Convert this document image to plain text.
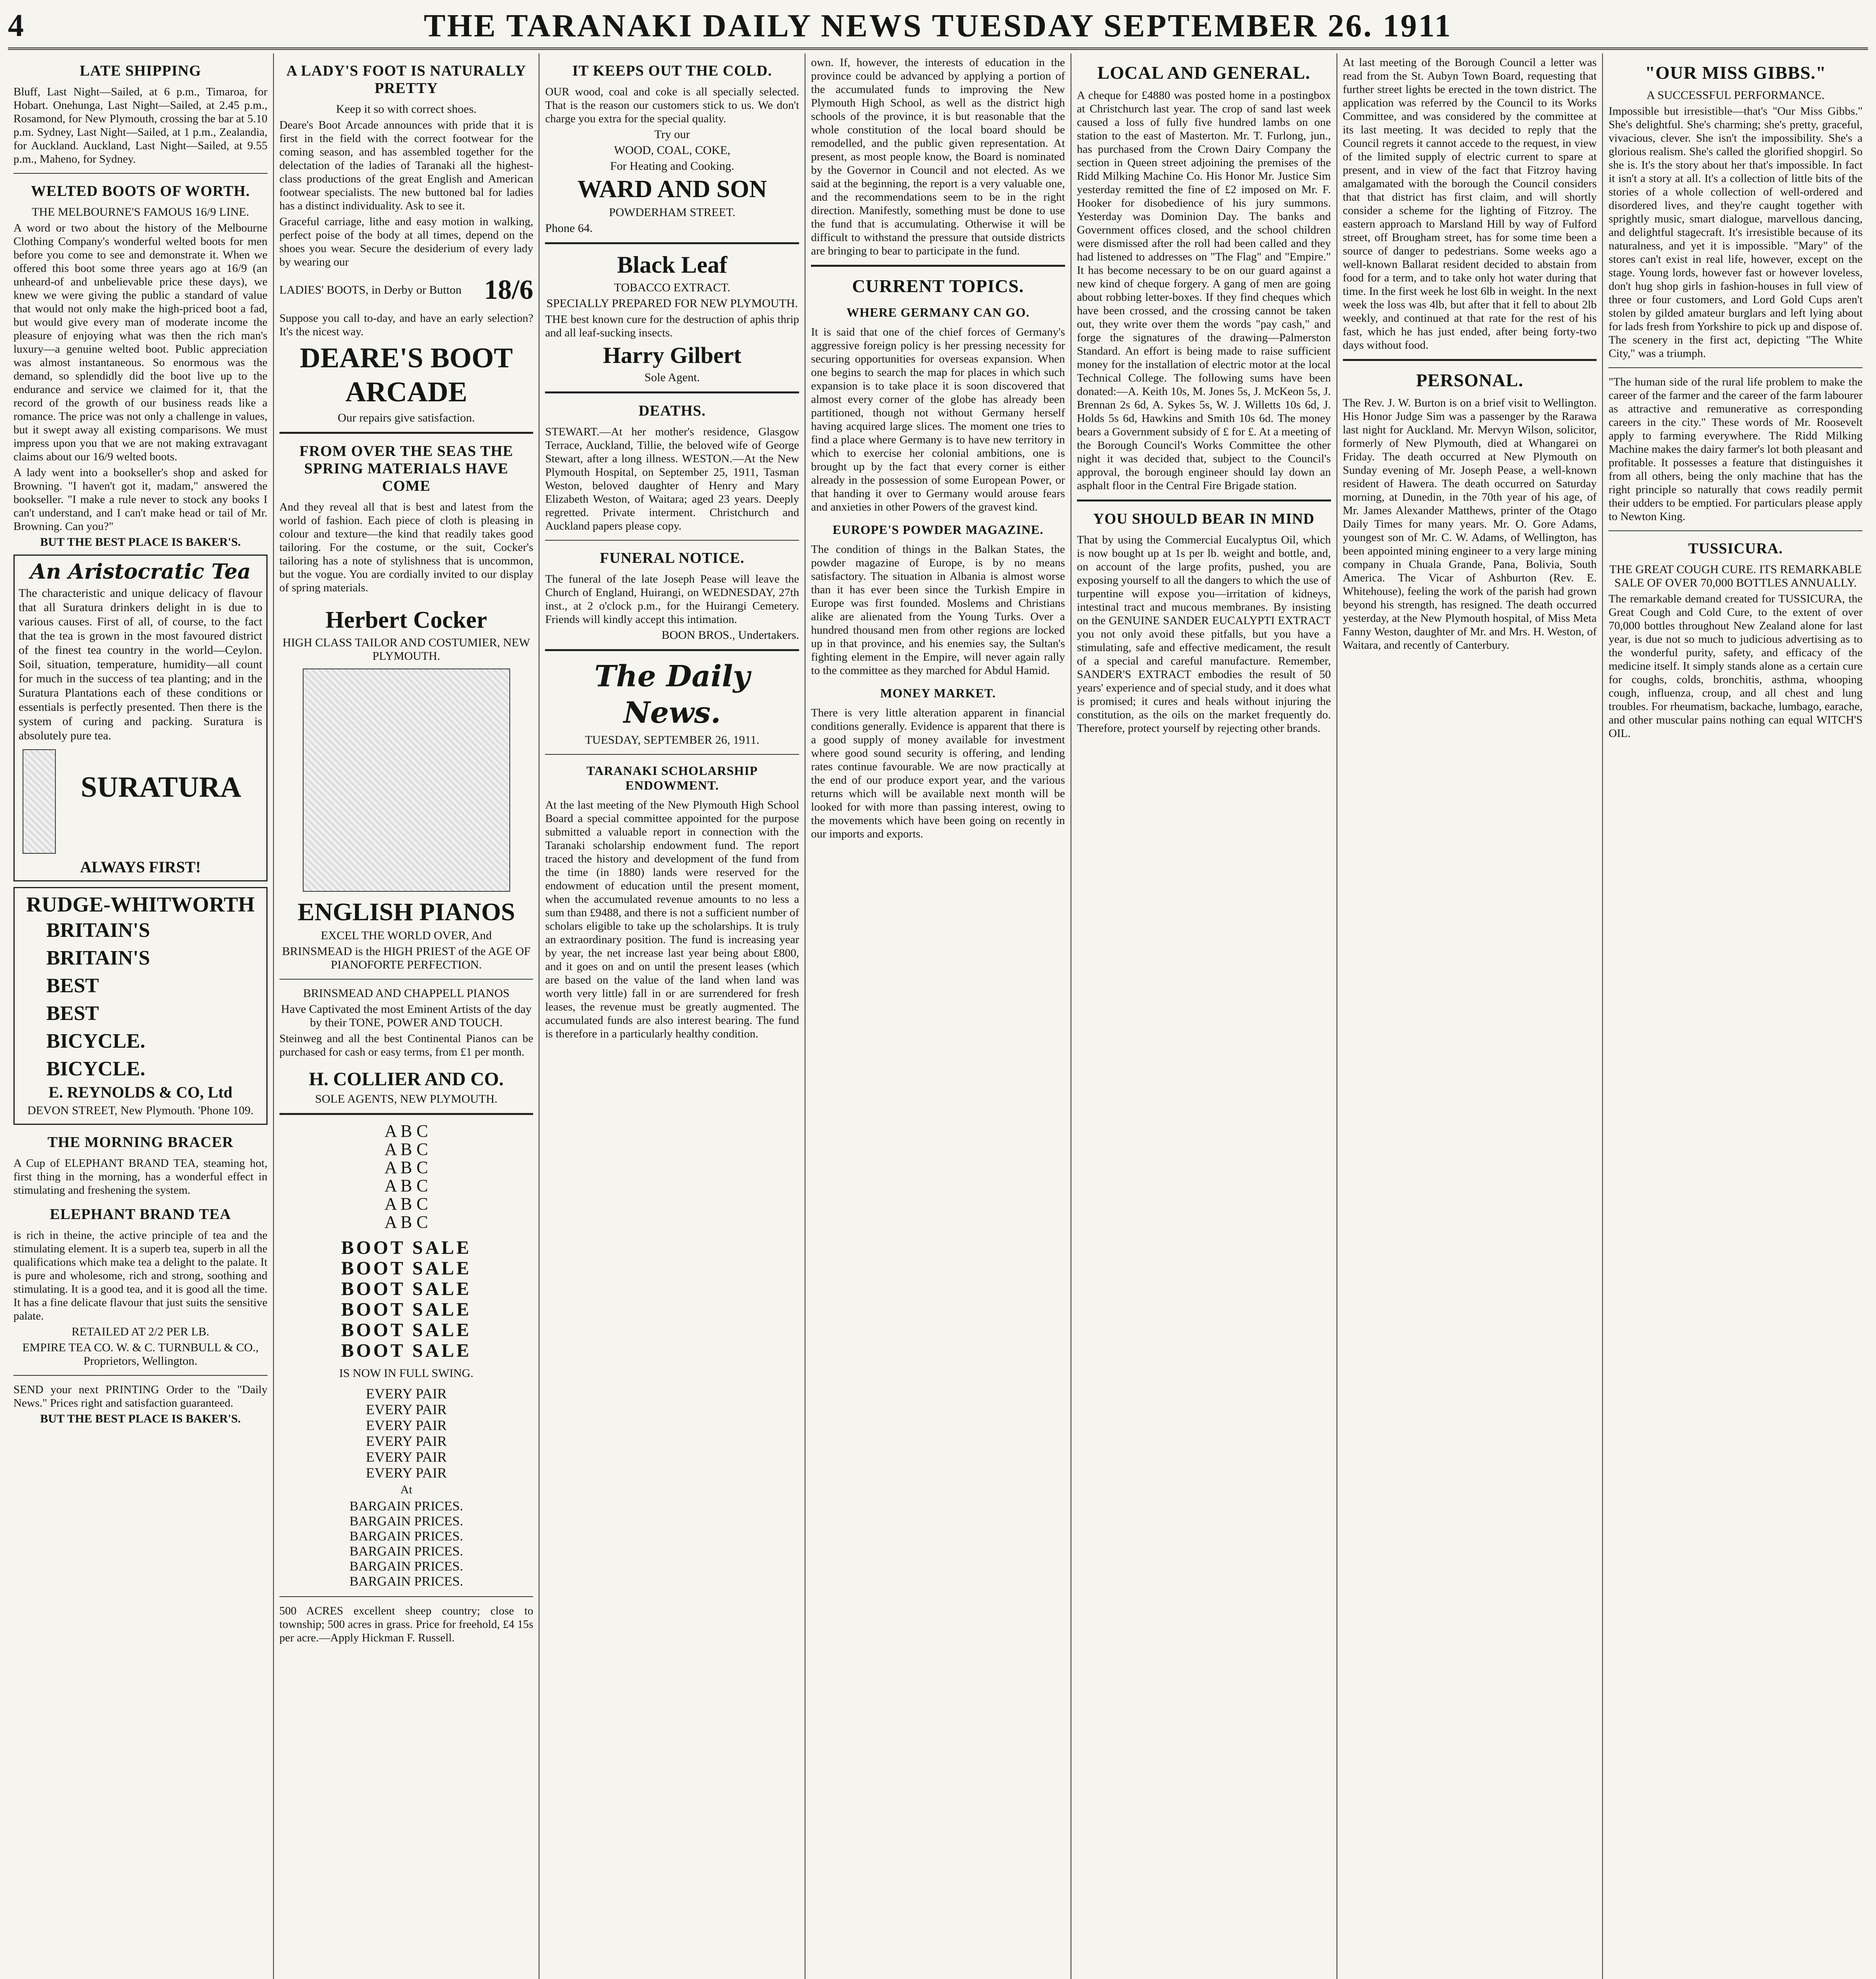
4	THE TARANAKI DAILY NEWS TUESDAY SEPTEMBER 26. 1911
LATE SHIPPING
Bluff, Last Night—Sailed, at 6 p.m., Timaroa, for Hobart. Onehunga, Last Night—Sailed, at 2.45 p.m., Rosamond, for New Plymouth, crossing the bar at 5.10 p.m. Sydney, Last Night—Sailed, at 1 p.m., Zealandia, for Auckland. Auckland, Last Night—Sailed, at 9.55 p.m., Maheno, for Sydney.
WELTED BOOTS OF WORTH.
THE MELBOURNE'S FAMOUS 16/9 LINE.
A word or two about the history of the Melbourne Clothing Company's wonderful welted boots for men before you come to see and demonstrate it. When we offered this boot some three years ago at 16/9 (an unheard-of and unbelievable price these days), we knew we were giving the public a standard of value that would not only make the high-priced boot a fad, but would give every man of moderate income the pleasure of enjoying what was then the rich man's luxury—a genuine welted boot. Public appreciation was almost instantaneous. So enormous was the demand, so splendidly did the boot live up to the endurance and service we claimed for it, that the record of the growth of our business reads like a romance. The price was not only a challenge in values, but it swept away all existing comparisons. We must impress upon you that we are not making extravagant claims about our 16/9 welted boots.
A lady went into a bookseller's shop and asked for Browning. "I haven't got it, madam," answered the bookseller. "I make a rule never to stock any books I can't understand, and I can't make head or tail of Mr. Browning. Can you?"
BUT THE BEST PLACE IS BAKER'S.
An Aristocratic Tea
The characteristic and unique delicacy of flavour that all Suratura drinkers delight in is due to various causes. First of all, of course, to the fact that the tea is grown in the most favoured district of the finest tea country in the world—Ceylon. Soil, situation, temperature, humidity—all count for much in the success of tea planting; and in the Suratura Plantations each of these conditions or essentials is perfectly presented. Then there is the system of curing and packing. Suratura is absolutely pure tea.
SURATURA
ALWAYS FIRST!
RUDGE-WHITWORTH
BRITAIN'S
BRITAIN'S
BEST
BEST
BICYCLE.
BICYCLE.
E. REYNOLDS & CO, Ltd
DEVON STREET, New Plymouth. 'Phone 109.
THE MORNING BRACER
A Cup of ELEPHANT BRAND TEA, steaming hot, first thing in the morning, has a wonderful effect in stimulating and freshening the system.
ELEPHANT BRAND TEA
is rich in theine, the active principle of tea and the stimulating element. It is a superb tea, superb in all the qualifications which make tea a delight to the palate. It is pure and wholesome, rich and strong, soothing and stimulating. It is a good tea, and it is good all the time. It has a fine delicate flavour that just suits the sensitive palate.
RETAILED AT 2/2 PER LB.
EMPIRE TEA CO. W. & C. TURNBULL & CO., Proprietors, Wellington.
SEND your next PRINTING Order to the "Daily News." Prices right and satisfaction guaranteed.
BUT THE BEST PLACE IS BAKER'S.
A LADY'S FOOT IS NATURALLY PRETTY
Keep it so with correct shoes.
Deare's Boot Arcade announces with pride that it is first in the field with the correct footwear for the coming season, and has assembled together for the delectation of the ladies of Taranaki all the highest-class productions of the great English and American footwear specialists. The new buttoned bal for ladies has a distinct individuality. Ask to see it.
Graceful carriage, lithe and easy motion in walking, perfect poise of the body at all times, depend on the shoes you wear. Secure the desiderium of every lady by wearing our
LADIES' BOOTS, in Derby or Button 18/6
Suppose you call to-day, and have an early selection? It's the nicest way.
DEARE'S BOOT ARCADE
Our repairs give satisfaction.
FROM OVER THE SEAS THE SPRING MATERIALS HAVE COME
And they reveal all that is best and latest from the world of fashion. Each piece of cloth is pleasing in colour and texture—the kind that readily takes good tailoring. For the costume, or the suit, Cocker's tailoring has a note of stylishness that is uncommon, but the vogue. You are cordially invited to our display of spring materials.
Herbert Cocker
HIGH CLASS TAILOR AND COSTUMIER, NEW PLYMOUTH.
ENGLISH PIANOS
EXCEL THE WORLD OVER, And
BRINSMEAD is the HIGH PRIEST of the AGE OF PIANOFORTE PERFECTION.
BRINSMEAD AND CHAPPELL PIANOS
Have Captivated the most Eminent Artists of the day by their TONE, POWER AND TOUCH.
Steinweg and all the best Continental Pianos can be purchased for cash or easy terms, from £1 per month.
H. COLLIER AND CO.
SOLE AGENTS, NEW PLYMOUTH.
A B C
A B C
A B C
A B C
A B C
A B C
BOOT SALE
BOOT SALE
BOOT SALE
BOOT SALE
BOOT SALE
BOOT SALE
IS NOW IN FULL SWING.
EVERY PAIR
EVERY PAIR
EVERY PAIR
EVERY PAIR
EVERY PAIR
EVERY PAIR
At
BARGAIN PRICES.
BARGAIN PRICES.
BARGAIN PRICES.
BARGAIN PRICES.
BARGAIN PRICES.
BARGAIN PRICES.
500 ACRES excellent sheep country; close to township; 500 acres in grass. Price for freehold, £4 15s per acre.—Apply Hickman F. Russell.
IT KEEPS OUT THE COLD.
OUR wood, coal and coke is all specially selected. That is the reason our customers stick to us. We don't charge you extra for the special quality.
Try our
WOOD, COAL, COKE,
For Heating and Cooking.
WARD AND SON
POWDERHAM STREET.
Phone 64.
Black Leaf
TOBACCO EXTRACT.
SPECIALLY PREPARED FOR NEW PLYMOUTH.
THE best known cure for the destruction of aphis thrip and all leaf-sucking insects.
Harry Gilbert
Sole Agent.
DEATHS.
STEWART.—At her mother's residence, Glasgow Terrace, Auckland, Tillie, the beloved wife of George Stewart, after a long illness. WESTON.—At the New Plymouth Hospital, on September 25, 1911, Tasman Weston, beloved daughter of Henry and Mary Elizabeth Weston, of Waitara; aged 23 years. Deeply regretted. Private interment. Christchurch and Auckland papers please copy.
FUNERAL NOTICE.
The funeral of the late Joseph Pease will leave the Church of England, Huirangi, on WEDNESDAY, 27th inst., at 2 o'clock p.m., for the Huirangi Cemetery. Friends will kindly accept this intimation.
BOON BROS., Undertakers.
The Daily News.
TUESDAY, SEPTEMBER 26, 1911.
TARANAKI SCHOLARSHIP ENDOWMENT.
At the last meeting of the New Plymouth High School Board a special committee appointed for the purpose submitted a valuable report in connection with the Taranaki scholarship endowment fund. The report traced the history and development of the fund from the time (in 1880) lands were reserved for the endowment of education until the present moment, when the accumulated revenue amounts to no less a sum than £9488, and there is not a sufficient number of scholars eligible to take up the scholarships. It is truly an extraordinary position. The fund is increasing year by year, the net increase last year being about £800, and it goes on and on until the present leases (which are based on the value of the land when land was worth very little) fall in or are surrendered for fresh leases, the revenue must be greatly augmented. The accumulated funds are also interest bearing. The fund is therefore in a particularly healthy condition.
own. If, however, the interests of education in the province could be advanced by applying a portion of the accumulated funds to improving the New Plymouth High School, as well as the district high schools of the province, it is but reasonable that the whole constitution of the local board should be remodelled, and the public given representation. At present, as most people know, the Board is nominated by the Governor in Council and not elected. As we said at the beginning, the report is a very valuable one, and the recommendations seem to be in the right direction. Manifestly, something must be done to use the fund that is accumulating. Otherwise it will be difficult to withstand the pressure that outside districts are bringing to bear to participate in the fund.
CURRENT TOPICS.
WHERE GERMANY CAN GO.
It is said that one of the chief forces of Germany's aggressive foreign policy is her pressing necessity for securing opportunities for overseas expansion. When one begins to search the map for places in which such expansion is to take place it is soon discovered that almost every corner of the globe has already been partitioned, though not without Germany herself having acquired large slices. The moment one tries to find a place where Germany is to have new territory in which to exercise her colonial ambitions, one is brought up by the fact that every corner is either already in the possession of some European Power, or that handing it over to Germany would arouse fears and anxieties in other Powers of the gravest kind.
EUROPE'S POWDER MAGAZINE.
The condition of things in the Balkan States, the powder magazine of Europe, is by no means satisfactory. The situation in Albania is almost worse than it has ever been since the Turkish Empire in Europe was first founded. Moslems and Christians alike are alienated from the Young Turks. Over a hundred thousand men from other regions are locked up in that province, and his enemies say, the Sultan's fighting element in the Empire, will never again rally to the committee as they marched for Abdul Hamid.
MONEY MARKET.
There is very little alteration apparent in financial conditions generally. Evidence is apparent that there is a good supply of money available for investment where good sound security is offering, and lending rates continue favourable. We are now practically at the end of our produce export year, and the various returns which will be available next month will be looked for with more than passing interest, owing to the movements which have been going on recently in our imports and exports.
LOCAL AND GENERAL.
A cheque for £4880 was posted home in a postingbox at Christchurch last year. The crop of sand last week caused a loss of fully five hundred lambs on one station to the east of Masterton. Mr. T. Furlong, jun., has purchased from the Crown Dairy Company the section in Queen street adjoining the premises of the Ridd Milking Machine Co. His Honor Mr. Justice Sim yesterday remitted the fine of £2 imposed on Mr. F. Hooker for disobedience of his jury summons. Yesterday was Dominion Day. The banks and Government offices closed, and the school children were dismissed after the roll had been called and they had listened to addresses on "The Flag" and "Empire." It has become necessary to be on our guard against a new kind of cheque forgery. A gang of men are going about robbing letter-boxes. If they find cheques which have been crossed, and the crossing cannot be taken out, they write over them the words "pay cash," and forge the signatures of the drawing—Palmerston Standard. An effort is being made to raise sufficient money for the installation of electric motor at the local Technical College. The following sums have been donated:—A. Keith 10s, M. Jones 5s, J. McKeon 5s, J. Brennan 2s 6d, A. Sykes 5s, W. J. Willetts 10s 6d, J. Holds 5s 6d, Hawkins and Smith 10s 6d. The money bears a Government subsidy of £ for £. At a meeting of the Borough Council's Works Committee the other night it was decided that, subject to the Council's approval, the borough engineer should lay down an asphalt floor in the Central Fire Brigade station.
YOU SHOULD BEAR IN MIND
That by using the Commercial Eucalyptus Oil, which is now bought up at 1s per lb. weight and bottle, and, on account of the large profits, pushed, you are exposing yourself to all the dangers to which the use of turpentine will expose you—irritation of kidneys, intestinal tract and mucous membranes. By insisting on the GENUINE SANDER EUCALYPTI EXTRACT you not only avoid these pitfalls, but you have a stimulating, safe and effective medicament, the result of a special and careful manufacture. Remember, SANDER'S EXTRACT embodies the result of 50 years' experience and of special study, and it does what is promised; it cures and heals without injuring the constitution, as the oils on the market frequently do. Therefore, protect yourself by rejecting other brands.
At last meeting of the Borough Council a letter was read from the St. Aubyn Town Board, requesting that further street lights be erected in the town district. The application was referred by the Council to its Works Committee, and was considered by the committee at its last meeting. It was decided to reply that the Council regrets it cannot accede to the request, in view of the limited supply of electric current to spare at present, and in view of the fact that Fitzroy having amalgamated with the borough the Council considers that that district has first claim, and will shortly consider a scheme for the lighting of Fitzroy. The eastern approach to Marsland Hill by way of Fulford street, off Brougham street, has for some time been a source of danger to pedestrians. Some weeks ago a well-known Ballarat resident decided to abstain from food for a term, and to take only hot water during that time. In the first week he lost 6lb in weight. In the next week the loss was 4lb, but after that it fell to about 2lb weekly, and continued at that rate for the rest of his fast, which he has just ended, after being forty-two days without food.
PERSONAL.
The Rev. J. W. Burton is on a brief visit to Wellington. His Honor Judge Sim was a passenger by the Rarawa last night for Auckland. Mr. Mervyn Wilson, solicitor, formerly of New Plymouth, died at Whangarei on Friday. The death occurred at New Plymouth on Sunday evening of Mr. Joseph Pease, a well-known resident of Hawera. The death occurred on Saturday morning, at Dunedin, in the 70th year of his age, of Mr. James Alexander Matthews, printer of the Otago Daily Times for many years. Mr. O. Gore Adams, youngest son of Mr. C. W. Adams, of Wellington, has been appointed mining engineer to a very large mining company in Chuala Grande, Pana, Bolivia, South America. The Vicar of Ashburton (Rev. E. Whitehouse), feeling the work of the parish had grown beyond his strength, has resigned. The death occurred yesterday, at the New Plymouth hospital, of Miss Meta Fanny Weston, daughter of Mr. and Mrs. H. Weston, of Waitara, and recently of Canterbury.
"OUR MISS GIBBS."
A SUCCESSFUL PERFORMANCE.
Impossible but irresistible—that's "Our Miss Gibbs." She's delightful. She's charming; she's pretty, graceful, vivacious, clever. She isn't the impossibility. She's a glorious realism. She's called the glorified shopgirl. So she is. It's the story about her that's impossible. In fact it isn't a story at all. It's a collection of little bits of the stories of a whole collection of well-ordered and disordered lives, and they're caught together with sprightly music, smart dialogue, marvellous dancing, and delightful stagecraft. It's irresistible because of its naturalness, and yet it is impossible. "Mary" of the stores can't exist in real life, however, except on the stage. Young lords, however fast or however loveless, don't hug shop girls in fashion-houses in full view of three or four customers, and Lord Gold Cups aren't stolen by gilded amateur burglars and left lying about for lads fresh from Yorkshire to pick up and dispose of. The scenery in the first act, depicting "The White City," was a triumph.
"The human side of the rural life problem to make the career of the farmer and the career of the farm labourer as attractive and remunerative as corresponding careers in the city." These words of Mr. Roosevelt apply to farming everywhere. The Ridd Milking Machine makes the dairy farmer's lot both pleasant and profitable. It possesses a feature that distinguishes it from all others, being the only machine that has the right principle so naturally that cows readily permit their udders to be emptied. For particulars please apply to Newton King.
TUSSICURA.
THE GREAT COUGH CURE. ITS REMARKABLE SALE OF OVER 70,000 BOTTLES ANNUALLY.
The remarkable demand created for TUSSICURA, the Great Cough and Cold Cure, to the extent of over 70,000 bottles throughout New Zealand alone for last year, is due not so much to judicious advertising as to the wonderful purity, safety, and efficacy of the medicine itself. It simply stands alone as a certain cure for coughs, colds, bronchitis, asthma, whooping cough, influenza, croup, and all chest and lung troubles. For rheumatism, backache, lumbago, earache, and other muscular pains nothing can equal WITCH'S OIL.
